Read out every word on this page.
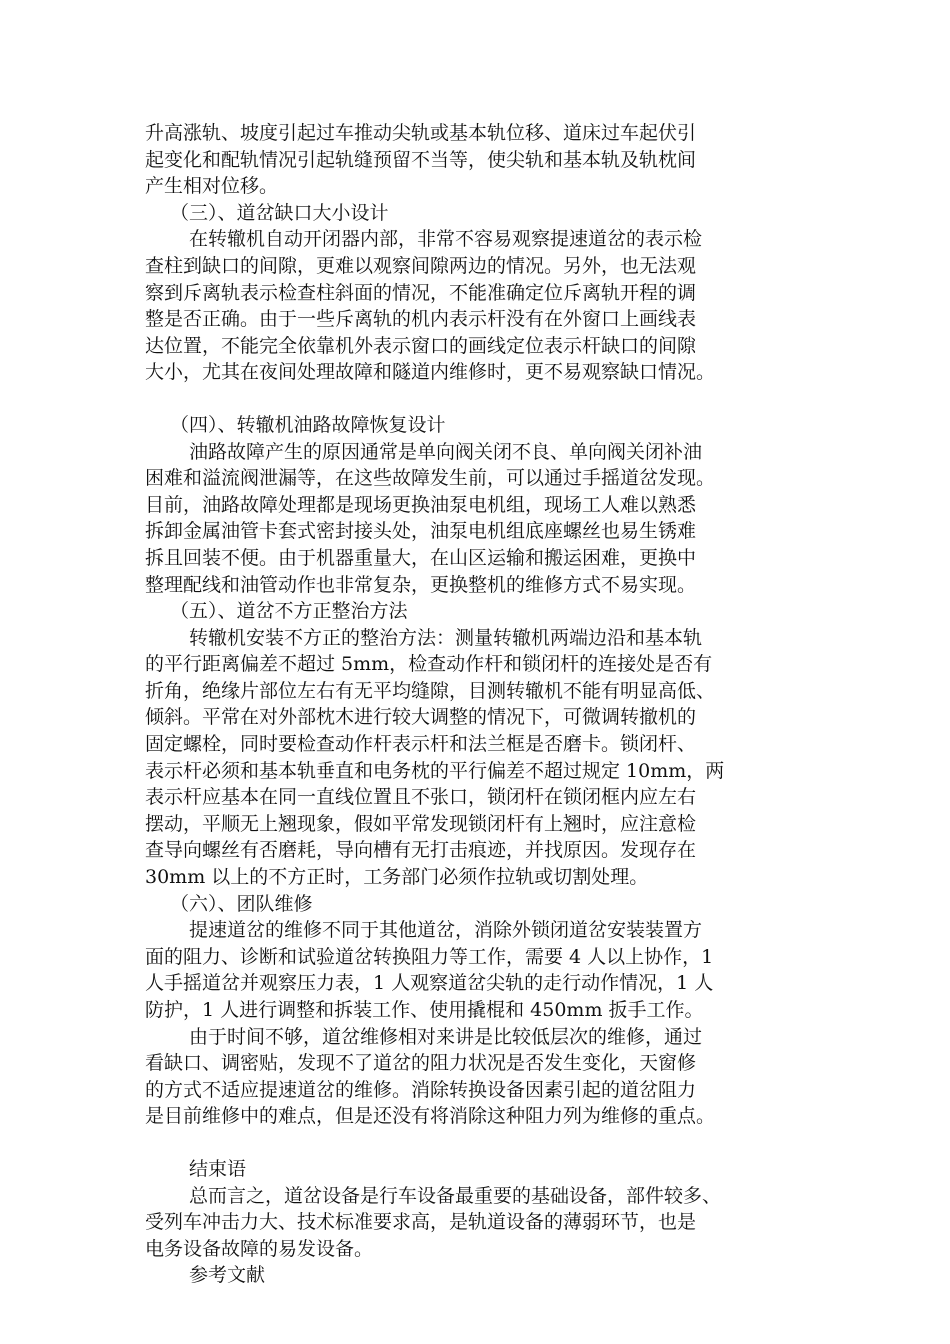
升高涨轨、坡度引起过车推动尖轨或基本轨位移、道床过车起伏引
起变化和配轨情况引起轨缝预留不当等，使尖轨和基本轨及轨枕间
产生相对位移。
（三）、道岔缺口大小设计
在转辙机自动开闭器内部，非常不容易观察提速道岔的表示检
查柱到缺口的间隙，更难以观察间隙两边的情况。另外，也无法观
察到斥离轨表示检查柱斜面的情况，不能准确定位斥离轨开程的调
整是否正确。由于一些斥离轨的机内表示杆没有在外窗口上画线表
达位置，不能完全依靠机外表示窗口的画线定位表示杆缺口的间隙
大小，尤其在夜间处理故障和隧道内维修时，更不易观察缺口情况。
（四）、转辙机油路故障恢复设计
油路故障产生的原因通常是单向阀关闭不良、单向阀关闭补油
困难和溢流阀泄漏等，在这些故障发生前，可以通过手摇道岔发现。
目前，油路故障处理都是现场更换油泵电机组，现场工人难以熟悉
拆卸金属油管卡套式密封接头处，油泵电机组底座螺丝也易生锈难
拆且回装不便。由于机器重量大，在山区运输和搬运困难，更换中
整理配线和油管动作也非常复杂，更换整机的维修方式不易实现。
（五）、道岔不方正整治方法
转辙机安装不方正的整治方法：测量转辙机两端边沿和基本轨
的平行距离偏差不超过 5mm，检查动作杆和锁闭杆的连接处是否有
折角，绝缘片部位左右有无平均缝隙，目测转辙机不能有明显高低、
倾斜。平常在对外部枕木进行较大调整的情况下，可微调转撤机的
固定螺栓，同时要检查动作杆表示杆和法兰框是否磨卡。锁闭杆、
表示杆必须和基本轨垂直和电务枕的平行偏差不超过规定 10mm，两
表示杆应基本在同一直线位置且不张口，锁闭杆在锁闭框内应左右
摆动，平顺无上翘现象，假如平常发现锁闭杆有上翘时，应注意检
查导向螺丝有否磨耗，导向槽有无打击痕迹，并找原因。发现存在
30mm 以上的不方正时，工务部门必须作拉轨或切割处理。
（六）、团队维修
提速道岔的维修不同于其他道岔，消除外锁闭道岔安装装置方
面的阻力、诊断和试验道岔转换阻力等工作，需要 4 人以上协作，1
人手摇道岔并观察压力表，1 人观察道岔尖轨的走行动作情况，1 人
防护，1 人进行调整和拆装工作、使用撬棍和 450mm 扳手工作。
由于时间不够，道岔维修相对来讲是比较低层次的维修，通过
看缺口、调密贴，发现不了道岔的阻力状况是否发生变化，天窗修
的方式不适应提速道岔的维修。消除转换设备因素引起的道岔阻力
是目前维修中的难点，但是还没有将消除这种阻力列为维修的重点。
结束语
总而言之，道岔设备是行车设备最重要的基础设备，部件较多、
受列车冲击力大、技术标准要求高，是轨道设备的薄弱环节，也是
电务设备故障的易发设备。
参考文献
